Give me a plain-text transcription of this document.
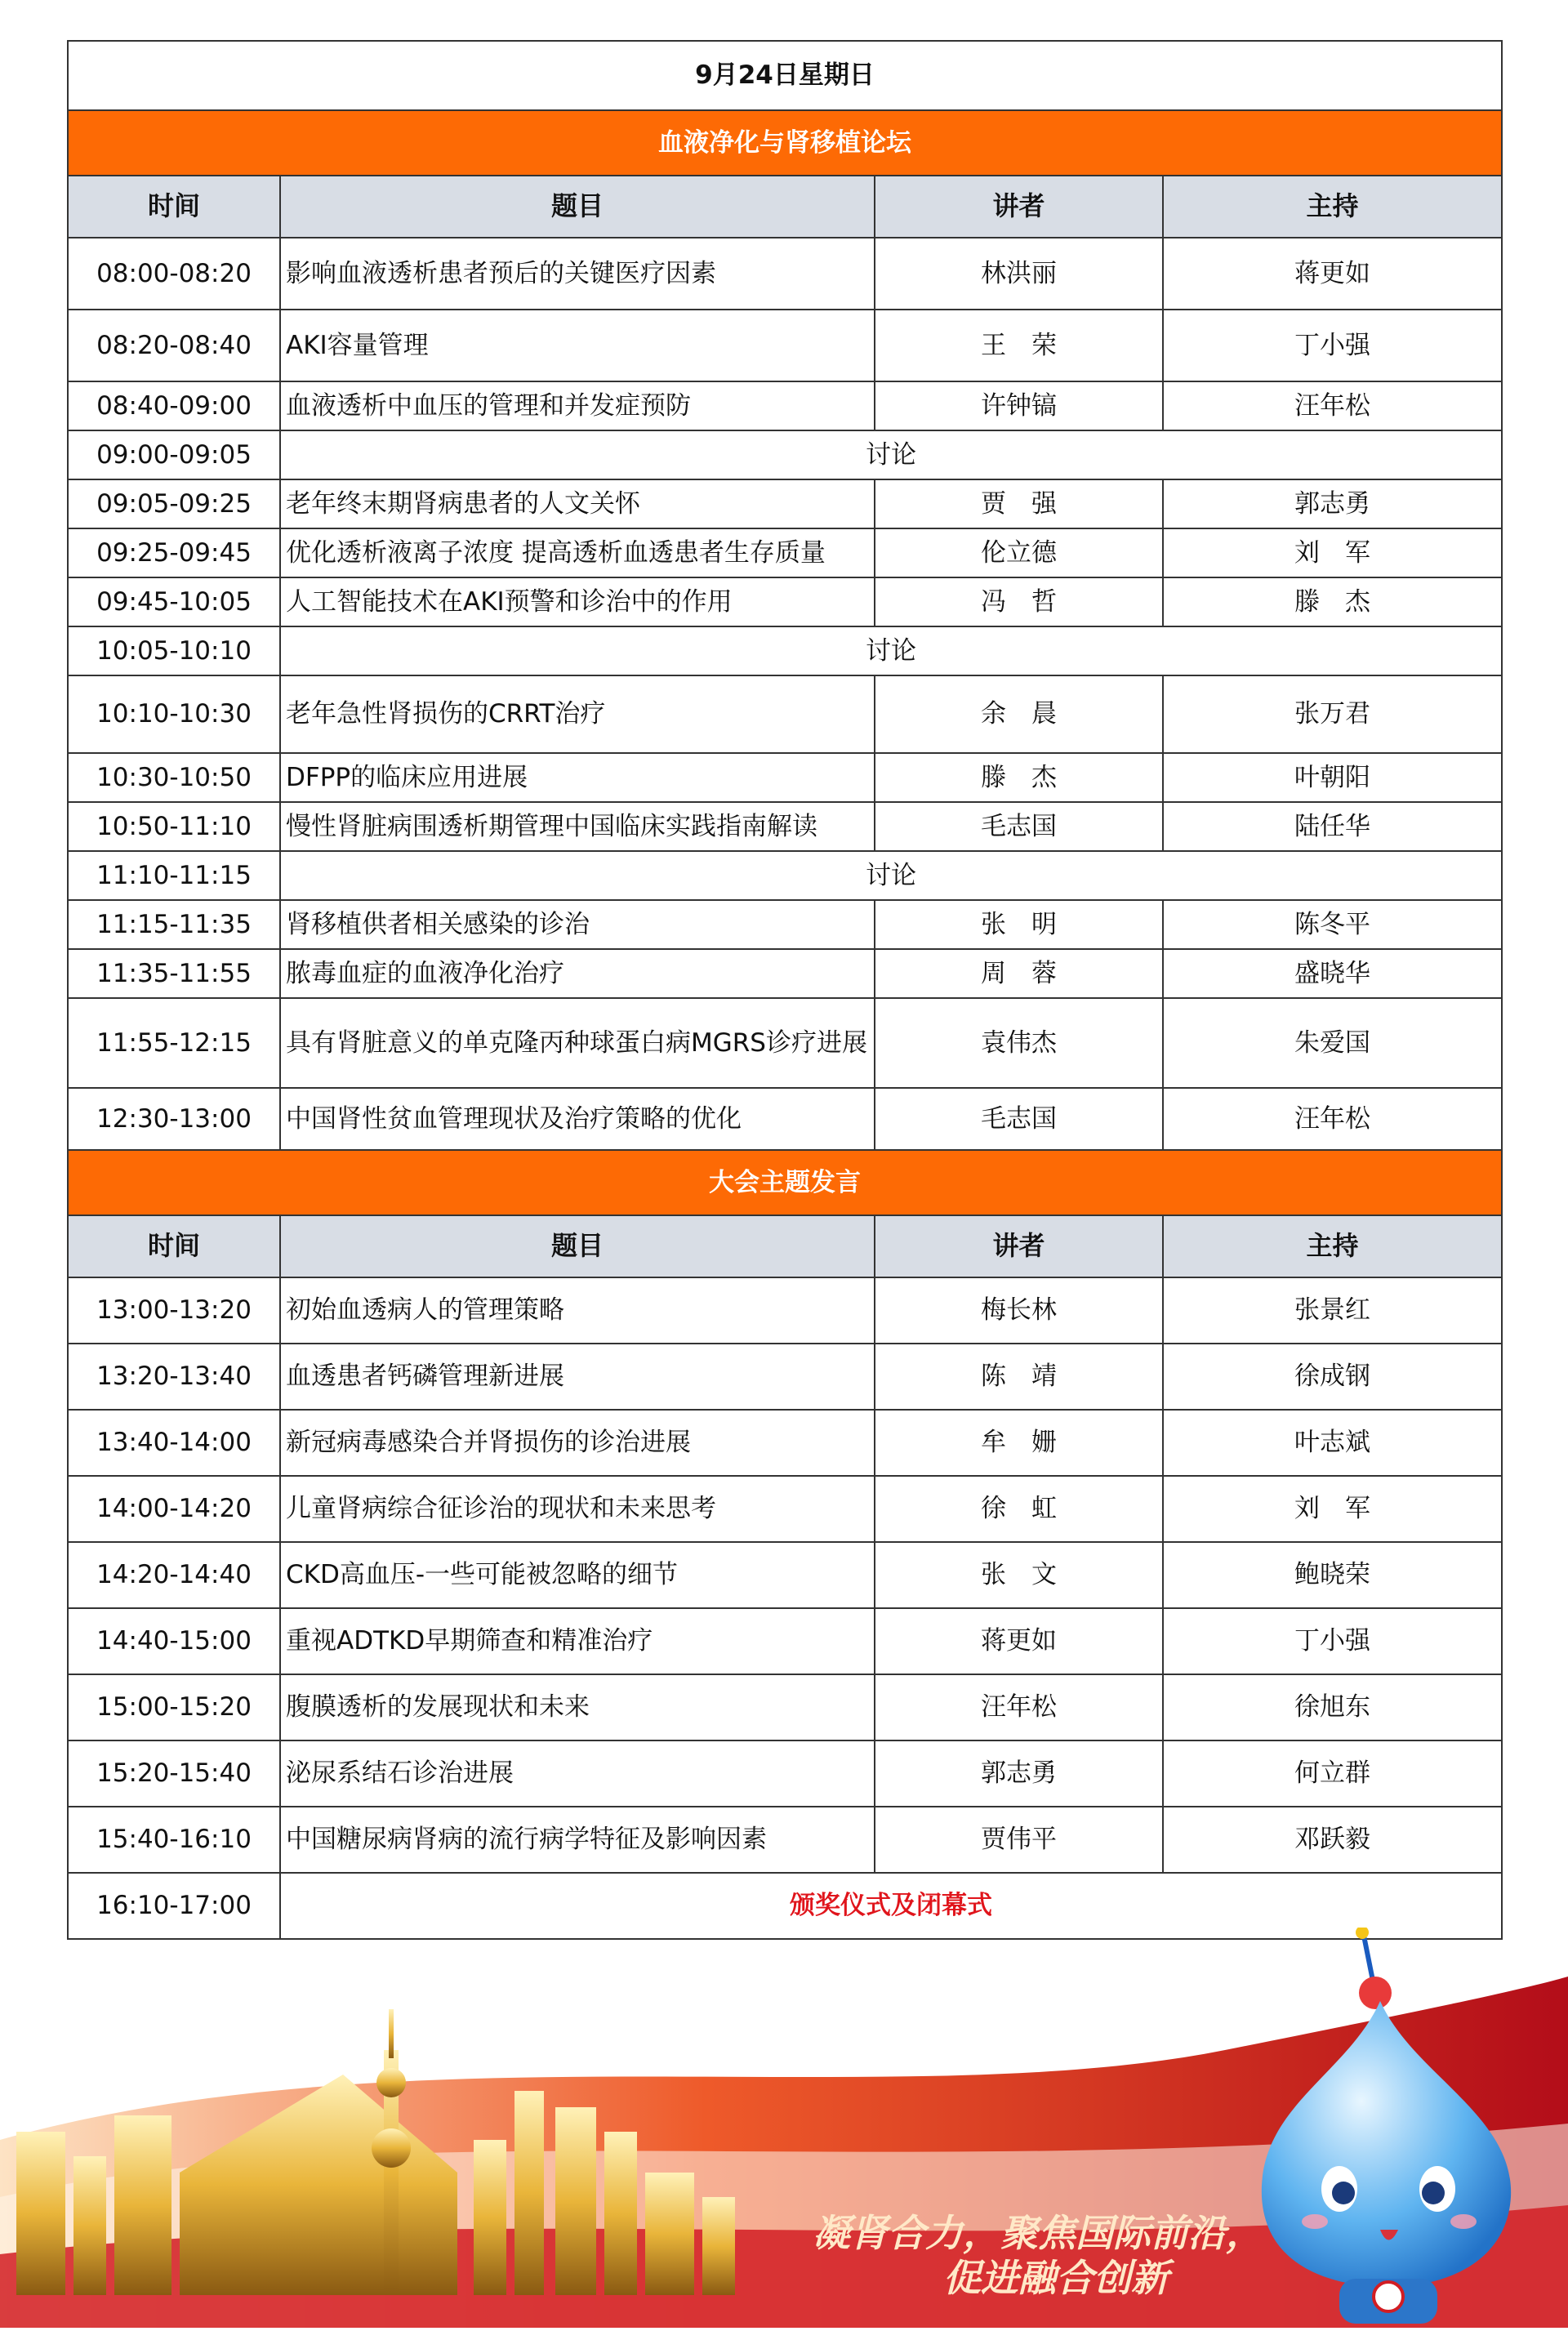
9月24日星期日			
血液净化与肾移植论坛			
时间	题目	讲者	主持
08:00-08:20	影响血液透析患者预后的关键医疗因素	林洪丽	蒋更如
08:20-08:40	AKI容量管理	王　荣	丁小强
08:40-09:00	血液透析中血压的管理和并发症预防	许钟镐	汪年松
09:00-09:05	讨论		
09:05-09:25	老年终末期肾病患者的人文关怀	贾　强	郭志勇
09:25-09:45	优化透析液离子浓度 提高透析血透患者生存质量	伦立德	刘　军
09:45-10:05	人工智能技术在AKI预警和诊治中的作用	冯　哲	滕　杰
10:05-10:10	讨论		
10:10-10:30	老年急性肾损伤的CRRT治疗	余　晨	张万君
10:30-10:50	DFPP的临床应用进展	滕　杰	叶朝阳
10:50-11:10	慢性肾脏病围透析期管理中国临床实践指南解读	毛志国	陆任华
11:10-11:15	讨论		
11:15-11:35	肾移植供者相关感染的诊治	张　明	陈冬平
11:35-11:55	脓毒血症的血液净化治疗	周　蓉	盛晓华
11:55-12:15	具有肾脏意义的单克隆丙种球蛋白病MGRS诊疗进展	袁伟杰	朱爱国
12:30-13:00	中国肾性贫血管理现状及治疗策略的优化	毛志国	汪年松
大会主题发言			
时间	题目	讲者	主持
13:00-13:20	初始血透病人的管理策略	梅长林	张景红
13:20-13:40	血透患者钙磷管理新进展	陈　靖	徐成钢
13:40-14:00	新冠病毒感染合并肾损伤的诊治进展	牟　姗	叶志斌
14:00-14:20	儿童肾病综合征诊治的现状和未来思考	徐　虹	刘　军
14:20-14:40	CKD高血压-一些可能被忽略的细节	张　文	鲍晓荣
14:40-15:00	重视ADTKD早期筛查和精准治疗	蒋更如	丁小强
15:00-15:20	腹膜透析的发展现状和未来	汪年松	徐旭东
15:20-15:40	泌尿系结石诊治进展	郭志勇	何立群
15:40-16:10	中国糖尿病肾病的流行病学特征及影响因素	贾伟平	邓跃毅
16:10-17:00	颁奖仪式及闭幕式		
凝肾合力，聚焦国际前沿，
促进融合创新
